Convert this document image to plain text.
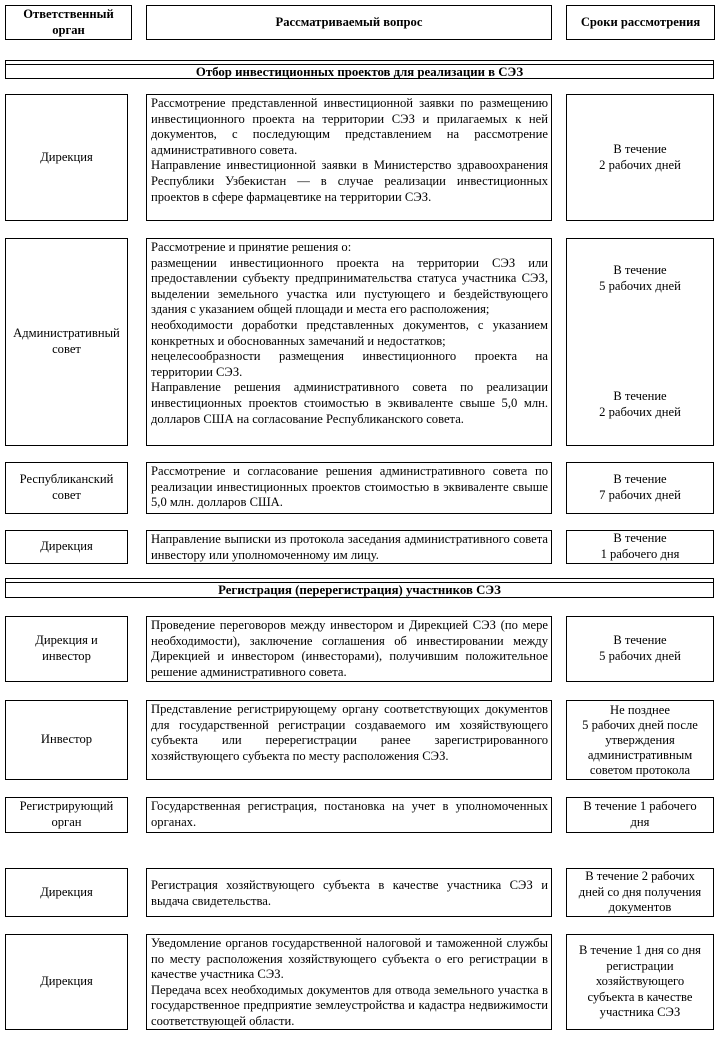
Ответственный орган
Рассматриваемый вопрос	Сроки рассмотрения
Отбор инвестиционных проектов для реализации в СЭЗ
Дирекция

Рассмотрение представленной инвестиционной заявки по размещению инвестиционного проекта на территории СЭЗ и прилагаемых к ней документов, с последующим представлением на рассмотрение административного совета.

Направление инвестиционной заявки в Министерство здравоохранения Республики Узбекистан — в случае реализации инвестиционных проектов в сфере фармацевтике на территории СЭЗ.

В течение
2 рабочих дней
Административный совет

Рассмотрение и принятие решения о:

размещении инвестиционного проекта на территории СЭЗ или предоставлении субъекту предпринимательства статуса участника СЭЗ, выделении земельного участка или пустующего и бездействующего здания с указанием общей площади и места его расположения;

необходимости доработки представленных документов, с указанием конкретных и обоснованных замечаний и недостатков;

нецелесообразности размещения инвестиционного проекта на территории СЭЗ.

Направление решения административного совета по реализации инвестиционных проектов стоимостью в эквиваленте свыше 5,0 млн. долларов США на согласование Республиканского совета.

В течение
5 рабочих дней
В течение
2 рабочих дней
Республиканский совет

Рассмотрение и согласование решения административного совета по реализации инвестиционных проектов стоимостью в эквиваленте свыше 5,0 млн. долларов США.

В течение
7 рабочих дней
Дирекция

Направление выписки из протокола заседания административного совета инвестору или уполномоченному им лицу.

В течение
1 рабочего дня
Регистрация (перерегистрация) участников СЭЗ
Дирекция и инвестор

Проведение переговоров между инвестором и Дирекцией СЭЗ (по мере необходимости), заключение соглашения об инвестировании между Дирекцией и инвестором (инвесторами), получившим положительное решение административного совета.

В течение
5 рабочих дней
Инвестор

Представление регистрирующему органу соответствующих документов для государственной регистрации создаваемого им хозяйствующего субъекта или перерегистрации ранее зарегистрированного хозяйствующего субъекта по месту расположения СЭЗ.

Не позднее
5 рабочих дней после
утверждения
административным
советом протокола
Регистрирующий орган

Государственная регистрация, постановка на учет в уполномоченных органах.

В течение 1 рабочего
дня
Дирекция	Регистрация хозяйствующего субъекта в качестве участника СЭЗ и выдача свидетельства.

В течение 2 рабочих
дней со дня получения
документов
Дирекция

Уведомление органов государственной налоговой и таможенной службы по месту расположения хозяйствующего субъекта о его регистрации в качестве участника СЭЗ.

Передача всех необходимых документов для отвода земельного участка в государственное предприятие землеустройства и кадастра недвижимости соответствующей области.

В течение 1 дня со дня
регистрации
хозяйствующего
субъекта в качестве
участника СЭЗ
